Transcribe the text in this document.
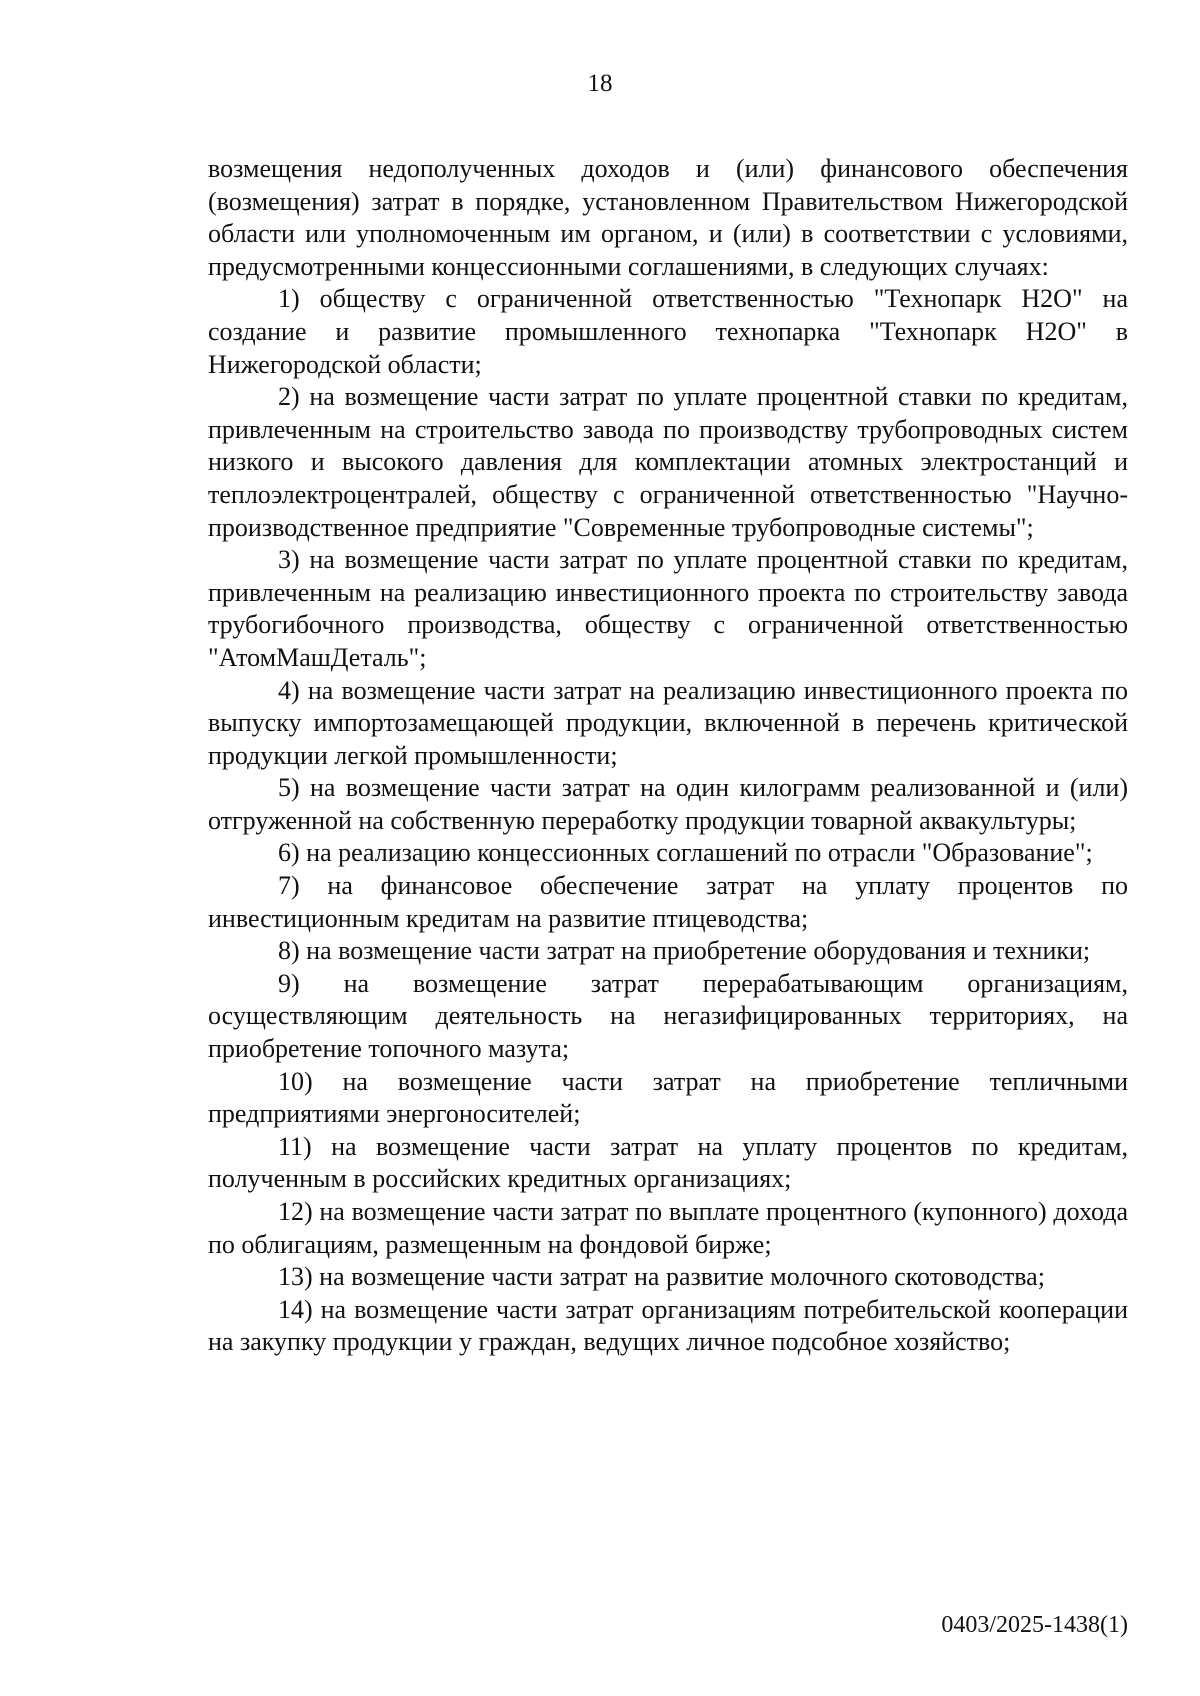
18

возмещения недополученных доходов и (или) финансового обеспечения (возмещения) затрат в порядке, установленном Правительством Нижегородской области или уполномоченным им органом, и (или) в соответствии с условиями, предусмотренными концессионными соглашениями, в следующих случаях:

1) обществу с ограниченной ответственностью "Технопарк Н2О" на создание и развитие промышленного технопарка "Технопарк Н2О" в Нижегородской области;

2) на возмещение части затрат по уплате процентной ставки по кредитам, привлеченным на строительство завода по производству трубопроводных систем низкого и высокого давления для комплектации атомных электростанций и теплоэлектроцентралей, обществу с ограниченной ответственностью "Научно-производственное предприятие "Современные трубопроводные системы";

3) на возмещение части затрат по уплате процентной ставки по кредитам, привлеченным на реализацию инвестиционного проекта по строительству завода трубогибочного производства, обществу с ограниченной ответственностью "АтомМашДеталь";

4) на возмещение части затрат на реализацию инвестиционного проекта по выпуску импортозамещающей продукции, включенной в перечень критической продукции легкой промышленности;

5) на возмещение части затрат на один килограмм реализованной и (или) отгруженной на собственную переработку продукции товарной аквакультуры;

6) на реализацию концессионных соглашений по отрасли "Образование";

7) на финансовое обеспечение затрат на уплату процентов по инвестиционным кредитам на развитие птицеводства;

8) на возмещение части затрат на приобретение оборудования и техники;

9) на возмещение затрат перерабатывающим организациям, осуществляющим деятельность на негазифицированных территориях, на приобретение топочного мазута;

10) на возмещение части затрат на приобретение тепличными предприятиями энергоносителей;

11) на возмещение части затрат на уплату процентов по кредитам, полученным в российских кредитных организациях;

12) на возмещение части затрат по выплате процентного (купонного) дохода по облигациям, размещенным на фондовой бирже;

13) на возмещение части затрат на развитие молочного скотоводства;

14) на возмещение части затрат организациям потребительской кооперации на закупку продукции у граждан, ведущих личное подсобное хозяйство;

0403/2025-1438(1)
